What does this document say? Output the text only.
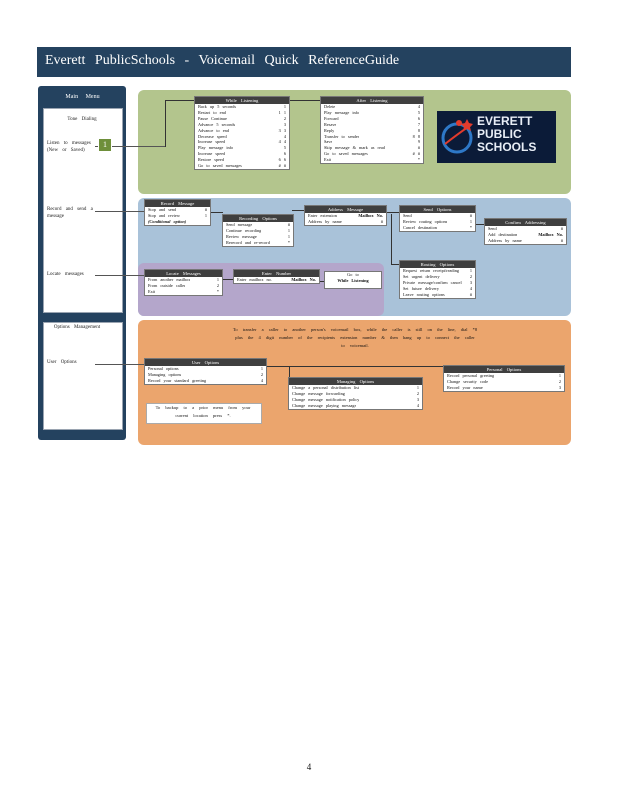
Everett PublicSchools - Voicemail Quick ReferenceGuide
Main Menu
Tone Dialing
Listen to messages (New or Saved)
Record and send a message
Locate messages
Options Management
User Options
1
While Listening
Back up 5 seconds	1
Restart to end	1 1
Pause Continue	2
Advance 5 seconds	3
Advance to end	3 3
Decrease speed	4
Increase speed	4 4
Play message info	5
Increase speed	6
Restore speed	6 6
Go to saved messages	# #
After Listening
Delete	4
Play message info	5
Forward	6
Resave	7
Reply	8
Transfer to sender	8 8
Save	9
Skip message & mark as read	#
Go to saved messages	# #
Exit	*
EVERETT
PUBLIC
SCHOOLS
Record Message
Stop and send	#
Stop and review	1
(Conditional option)
Recording Options
Send message	#
Continue recording	1
Review message	1
Rerecord and re-record	*
Address Message
Enter extension	Mailbox No.
Address by name	#
Send Options
Send	#
Review routing options	1
Cancel destination	*
Confirm Addressing
Send	#
Add destination	Mailbox No.
Address by name	#
Routing Options
Request return receipt/reading	1
Set urgent delivery	2
Private message/confirm cancel 3
Set future delivery	4
Leave routing options	#
Locate Messages
From another mailbox	1
From outside caller	2
Exit	*
Enter Number
Enter mailbox no.	Mailbox No.
Go to
While Listening
To transfer a caller to another person's voicemail box, while the caller is still on the line, dial *8 plus the 4 digit number of the recipients extension number & then hang up to connect the caller to voicemail.
User Options
Personal options	1
Managing options	2
Record your standard greeting	4
To backup to a prior menu from your current location press *.
Managing Options
Change a personal distribution list	1
Change message forwarding	2
Change message notification policy	3
Change message playing message	4
Personal Options
Record personal greeting	1
Change security code	2
Record your name	3
4
